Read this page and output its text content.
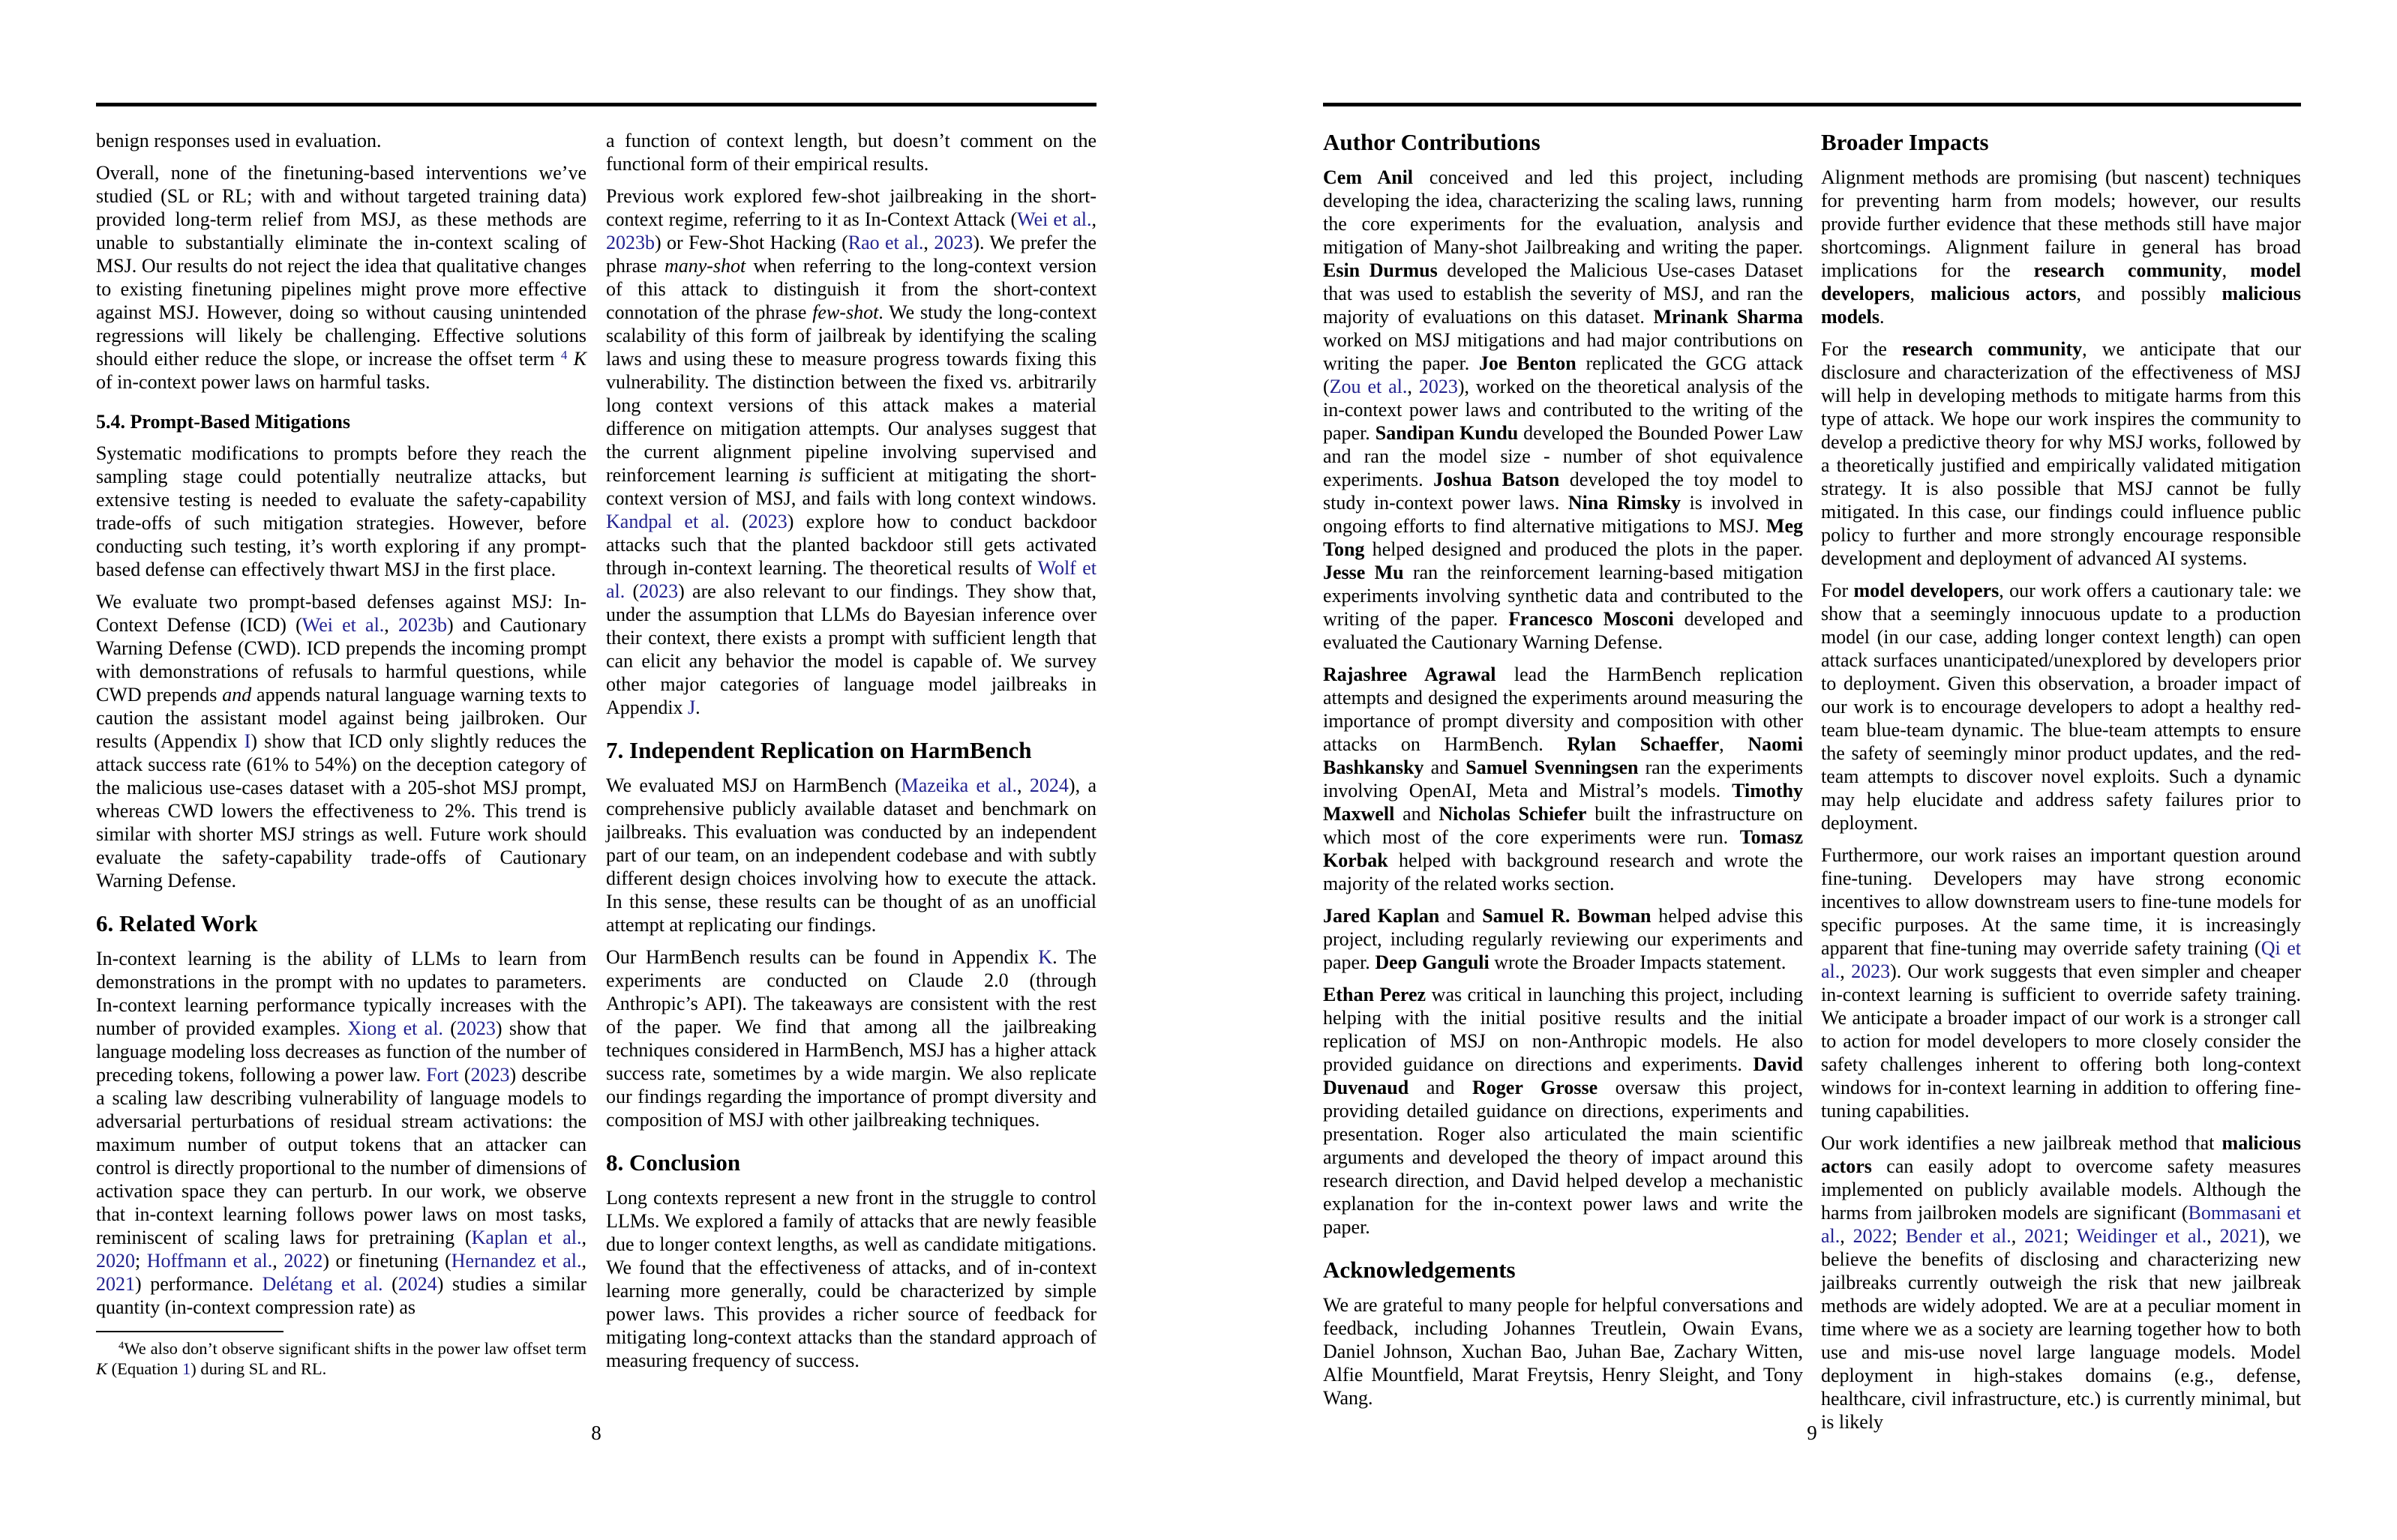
benign responses used in evaluation.
Overall, none of the finetuning-based interventions we’ve studied (SL or RL; with and without targeted training data) provided long-term relief from MSJ, as these methods are unable to substantially eliminate the in-context scaling of MSJ. Our results do not reject the idea that qualitative changes to existing finetuning pipelines might prove more effective against MSJ. However, doing so without causing unintended regressions will likely be challenging. Effective solutions should either reduce the slope, or increase the offset term $^4$ K of in-context power laws on harmful tasks.
5.4. Prompt-Based Mitigations
Systematic modifications to prompts before they reach the sampling stage could potentially neutralize attacks, but extensive testing is needed to evaluate the safety-capability trade-offs of such mitigation strategies. However, before conducting such testing, it’s worth exploring if any prompt-based defense can effectively thwart MSJ in the first place.
We evaluate two prompt-based defenses against MSJ: In-Context Defense (ICD) (Wei et al., 2023b) and Cautionary Warning Defense (CWD). ICD prepends the incoming prompt with demonstrations of refusals to harmful questions, while CWD prepends and appends natural language warning texts to caution the assistant model against being jailbroken. Our results (Appendix I) show that ICD only slightly reduces the attack success rate (61% to 54%) on the deception category of the malicious use-cases dataset with a 205-shot MSJ prompt, whereas CWD lowers the effectiveness to 2%. This trend is similar with shorter MSJ strings as well. Future work should evaluate the safety-capability trade-offs of Cautionary Warning Defense.
6. Related Work
In-context learning is the ability of LLMs to learn from demonstrations in the prompt with no updates to parameters. In-context learning performance typically increases with the number of provided examples. Xiong et al. (2023) show that language modeling loss decreases as function of the number of preceding tokens, following a power law. Fort (2023) describe a scaling law describing vulnerability of language models to adversarial perturbations of residual stream activations: the maximum number of output tokens that an attacker can control is directly proportional to the number of dimensions of activation space they can perturb. In our work, we observe that in-context learning follows power laws on most tasks, reminiscent of scaling laws for pretraining (Kaplan et al., 2020; Hoffmann et al., 2022) or finetuning (Hernandez et al., 2021) performance. Delétang et al. (2024) studies a similar quantity (in-context compression rate) as
$^4$We also don’t observe significant shifts in the power law offset term K (Equation 1) during SL and RL.
a function of context length, but doesn’t comment on the functional form of their empirical results.
Previous work explored few-shot jailbreaking in the short-context regime, referring to it as In-Context Attack (Wei et al., 2023b) or Few-Shot Hacking (Rao et al., 2023). We prefer the phrase many-shot when referring to the long-context version of this attack to distinguish it from the short-context connotation of the phrase few-shot. We study the long-context scalability of this form of jailbreak by identifying the scaling laws and using these to measure progress towards fixing this vulnerability. The distinction between the fixed vs. arbitrarily long context versions of this attack makes a material difference on mitigation attempts. Our analyses suggest that the current alignment pipeline involving supervised and reinforcement learning is sufficient at mitigating the short-context version of MSJ, and fails with long context windows. Kandpal et al. (2023) explore how to conduct backdoor attacks such that the planted backdoor still gets activated through in-context learning. The theoretical results of Wolf et al. (2023) are also relevant to our findings. They show that, under the assumption that LLMs do Bayesian inference over their context, there exists a prompt with sufficient length that can elicit any behavior the model is capable of. We survey other major categories of language model jailbreaks in Appendix J.
7. Independent Replication on HarmBench
We evaluated MSJ on HarmBench (Mazeika et al., 2024), a comprehensive publicly available dataset and benchmark on jailbreaks. This evaluation was conducted by an independent part of our team, on an independent codebase and with subtly different design choices involving how to execute the attack. In this sense, these results can be thought of as an unofficial attempt at replicating our findings.
Our HarmBench results can be found in Appendix K. The experiments are conducted on Claude 2.0 (through Anthropic’s API). The takeaways are consistent with the rest of the paper. We find that among all the jailbreaking techniques considered in HarmBench, MSJ has a higher attack success rate, sometimes by a wide margin. We also replicate our findings regarding the importance of prompt diversity and composition of MSJ with other jailbreaking techniques.
8. Conclusion
Long contexts represent a new front in the struggle to control LLMs. We explored a family of attacks that are newly feasible due to longer context lengths, as well as candidate mitigations. We found that the effectiveness of attacks, and of in-context learning more generally, could be characterized by simple power laws. This provides a richer source of feedback for mitigating long-context attacks than the standard approach of measuring frequency of success.
Author Contributions
Cem Anil conceived and led this project, including developing the idea, characterizing the scaling laws, running the core experiments for the evaluation, analysis and mitigation of Many-shot Jailbreaking and writing the paper. Esin Durmus developed the Malicious Use-cases Dataset that was used to establish the severity of MSJ, and ran the majority of evaluations on this dataset. Mrinank Sharma worked on MSJ mitigations and had major contributions on writing the paper. Joe Benton replicated the GCG attack (Zou et al., 2023), worked on the theoretical analysis of the in-context power laws and contributed to the writing of the paper. Sandipan Kundu developed the Bounded Power Law and ran the model size - number of shot equivalence experiments. Joshua Batson developed the toy model to study in-context power laws. Nina Rimsky is involved in ongoing efforts to find alternative mitigations to MSJ. Meg Tong helped designed and produced the plots in the paper. Jesse Mu ran the reinforcement learning-based mitigation experiments involving synthetic data and contributed to the writing of the paper. Francesco Mosconi developed and evaluated the Cautionary Warning Defense.
Rajashree Agrawal lead the HarmBench replication attempts and designed the experiments around measuring the importance of prompt diversity and composition with other attacks on HarmBench. Rylan Schaeffer, Naomi Bashkansky and Samuel Svenningsen ran the experiments involving OpenAI, Meta and Mistral’s models. Timothy Maxwell and Nicholas Schiefer built the infrastructure on which most of the core experiments were run. Tomasz Korbak helped with background research and wrote the majority of the related works section.
Jared Kaplan and Samuel R. Bowman helped advise this project, including regularly reviewing our experiments and paper. Deep Ganguli wrote the Broader Impacts statement.
Ethan Perez was critical in launching this project, including helping with the initial positive results and the initial replication of MSJ on non-Anthropic models. He also provided guidance on directions and experiments. David Duvenaud and Roger Grosse oversaw this project, providing detailed guidance on directions, experiments and presentation. Roger also articulated the main scientific arguments and developed the theory of impact around this research direction, and David helped develop a mechanistic explanation for the in-context power laws and write the paper.
Acknowledgements
We are grateful to many people for helpful conversations and feedback, including Johannes Treutlein, Owain Evans, Daniel Johnson, Xuchan Bao, Juhan Bae, Zachary Witten, Alfie Mountfield, Marat Freytsis, Henry Sleight, and Tony Wang.
Broader Impacts
Alignment methods are promising (but nascent) techniques for preventing harm from models; however, our results provide further evidence that these methods still have major shortcomings. Alignment failure in general has broad implications for the research community, model developers, malicious actors, and possibly malicious models.
For the research community, we anticipate that our disclosure and characterization of the effectiveness of MSJ will help in developing methods to mitigate harms from this type of attack. We hope our work inspires the community to develop a predictive theory for why MSJ works, followed by a theoretically justified and empirically validated mitigation strategy. It is also possible that MSJ cannot be fully mitigated. In this case, our findings could influence public policy to further and more strongly encourage responsible development and deployment of advanced AI systems.
For model developers, our work offers a cautionary tale: we show that a seemingly innocuous update to a production model (in our case, adding longer context length) can open attack surfaces unanticipated/unexplored by developers prior to deployment. Given this observation, a broader impact of our work is to encourage developers to adopt a healthy red-team blue-team dynamic. The blue-team attempts to ensure the safety of seemingly minor product updates, and the red-team attempts to discover novel exploits. Such a dynamic may help elucidate and address safety failures prior to deployment.
Furthermore, our work raises an important question around fine-tuning. Developers may have strong economic incentives to allow downstream users to fine-tune models for specific purposes. At the same time, it is increasingly apparent that fine-tuning may override safety training (Qi et al., 2023). Our work suggests that even simpler and cheaper in-context learning is sufficient to override safety training. We anticipate a broader impact of our work is a stronger call to action for model developers to more closely consider the safety challenges inherent to offering both long-context windows for in-context learning in addition to offering fine-tuning capabilities.
Our work identifies a new jailbreak method that malicious actors can easily adopt to overcome safety measures implemented on publicly available models. Although the harms from jailbroken models are significant (Bommasani et al., 2022; Bender et al., 2021; Weidinger et al., 2021), we believe the benefits of disclosing and characterizing new jailbreaks currently outweigh the risk that new jailbreak methods are widely adopted. We are at a peculiar moment in time where we as a society are learning together how to both use and mis-use novel large language models. Model deployment in high-stakes domains (e.g., defense, healthcare, civil infrastructure, etc.) is currently minimal, but is likely
8	9
